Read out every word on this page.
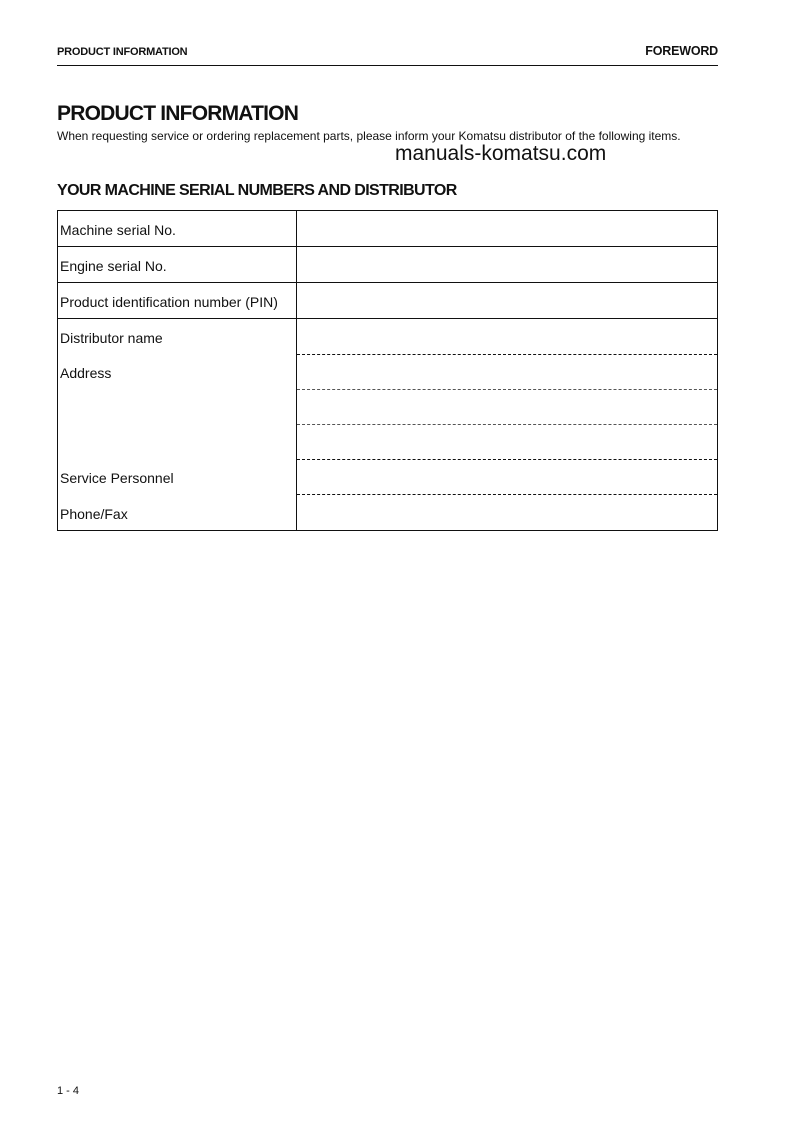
PRODUCT INFORMATION	FOREWORD
PRODUCT INFORMATION

When requesting service or ordering replacement parts, please inform your Komatsu distributor of the following items.

manuals-komatsu.com
YOUR MACHINE SERIAL NUMBERS AND DISTRIBUTOR
Machine serial No.
Engine serial No.
Product identification number (PIN)
Distributor name
Address
Service Personnel
Phone/Fax
1 - 4
